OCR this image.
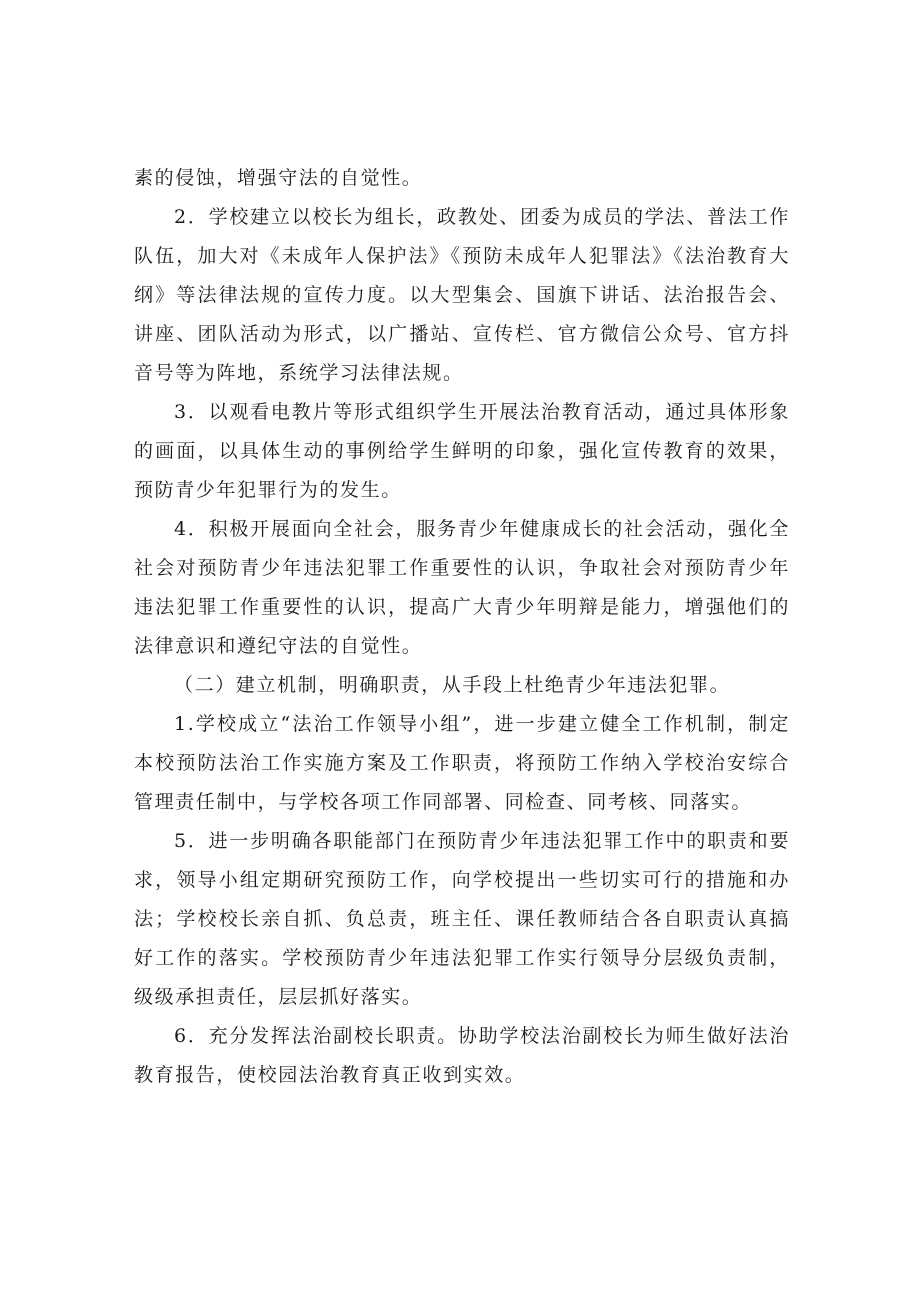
素的侵蚀，增强守法的自觉性。

2．学校建立以校长为组长，政教处、团委为成员的学法、普法工作队伍，加大对《未成年人保护法》《预防未成年人犯罪法》《法治教育大纲》等法律法规的宣传力度。以大型集会、国旗下讲话、法治报告会、讲座、团队活动为形式，以广播站、宣传栏、官方微信公众号、官方抖音号等为阵地，系统学习法律法规。

3．以观看电教片等形式组织学生开展法治教育活动，通过具体形象的画面，以具体生动的事例给学生鲜明的印象，强化宣传教育的效果，预防青少年犯罪行为的发生。

4．积极开展面向全社会，服务青少年健康成长的社会活动，强化全社会对预防青少年违法犯罪工作重要性的认识，争取社会对预防青少年违法犯罪工作重要性的认识，提高广大青少年明辩是能力，增强他们的法律意识和遵纪守法的自觉性。

（二）建立机制，明确职责，从手段上杜绝青少年违法犯罪。

1.学校成立“法治工作领导小组”，进一步建立健全工作机制，制定本校预防法治工作实施方案及工作职责，将预防工作纳入学校治安综合管理责任制中，与学校各项工作同部署、同检查、同考核、同落实。

5．进一步明确各职能部门在预防青少年违法犯罪工作中的职责和要求，领导小组定期研究预防工作，向学校提出一些切实可行的措施和办法；学校校长亲自抓、负总责，班主任、课任教师结合各自职责认真搞好工作的落实。学校预防青少年违法犯罪工作实行领导分层级负责制，级级承担责任，层层抓好落实。

6．充分发挥法治副校长职责。协助学校法治副校长为师生做好法治教育报告，使校园法治教育真正收到实效。
